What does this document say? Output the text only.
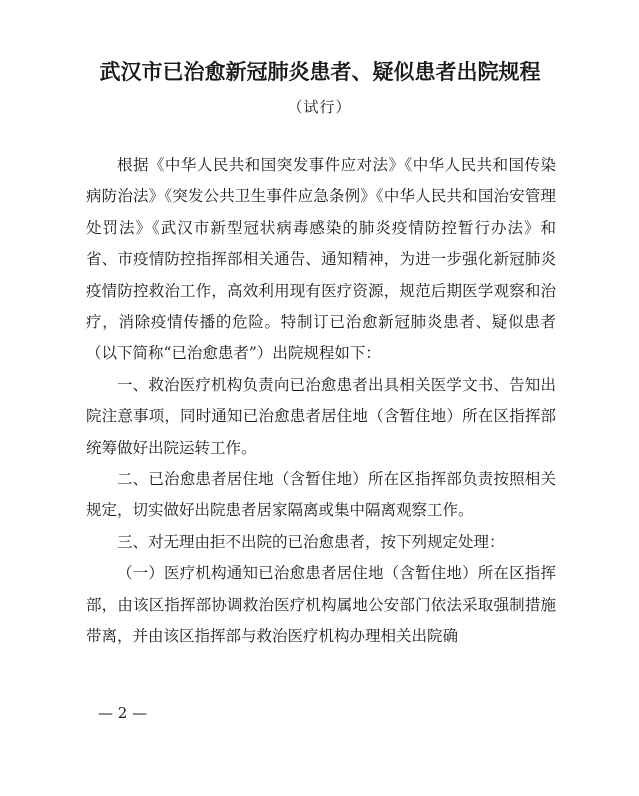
武汉市已治愈新冠肺炎患者、疑似患者出院规程
（试行）

根据《中华人民共和国突发事件应对法》《中华人民共和国传染病防治法》《突发公共卫生事件应急条例》《中华人民共和国治安管理处罚法》《武汉市新型冠状病毒感染的肺炎疫情防控暂行办法》和省、市疫情防控指挥部相关通告、通知精神，为进一步强化新冠肺炎疫情防控救治工作，高效利用现有医疗资源，规范后期医学观察和治疗，消除疫情传播的危险。特制订已治愈新冠肺炎患者、疑似患者（以下简称“已治愈患者”）出院规程如下：

一、救治医疗机构负责向已治愈患者出具相关医学文书、告知出院注意事项，同时通知已治愈患者居住地（含暂住地）所在区指挥部统筹做好出院运转工作。

二、已治愈患者居住地（含暂住地）所在区指挥部负责按照相关规定，切实做好出院患者居家隔离或集中隔离观察工作。

三、对无理由拒不出院的已治愈患者，按下列规定处理：

（一）医疗机构通知已治愈患者居住地（含暂住地）所在区指挥部，由该区指挥部协调救治医疗机构属地公安部门依法采取强制措施带离，并由该区指挥部与救治医疗机构办理相关出院确

— 2 —
